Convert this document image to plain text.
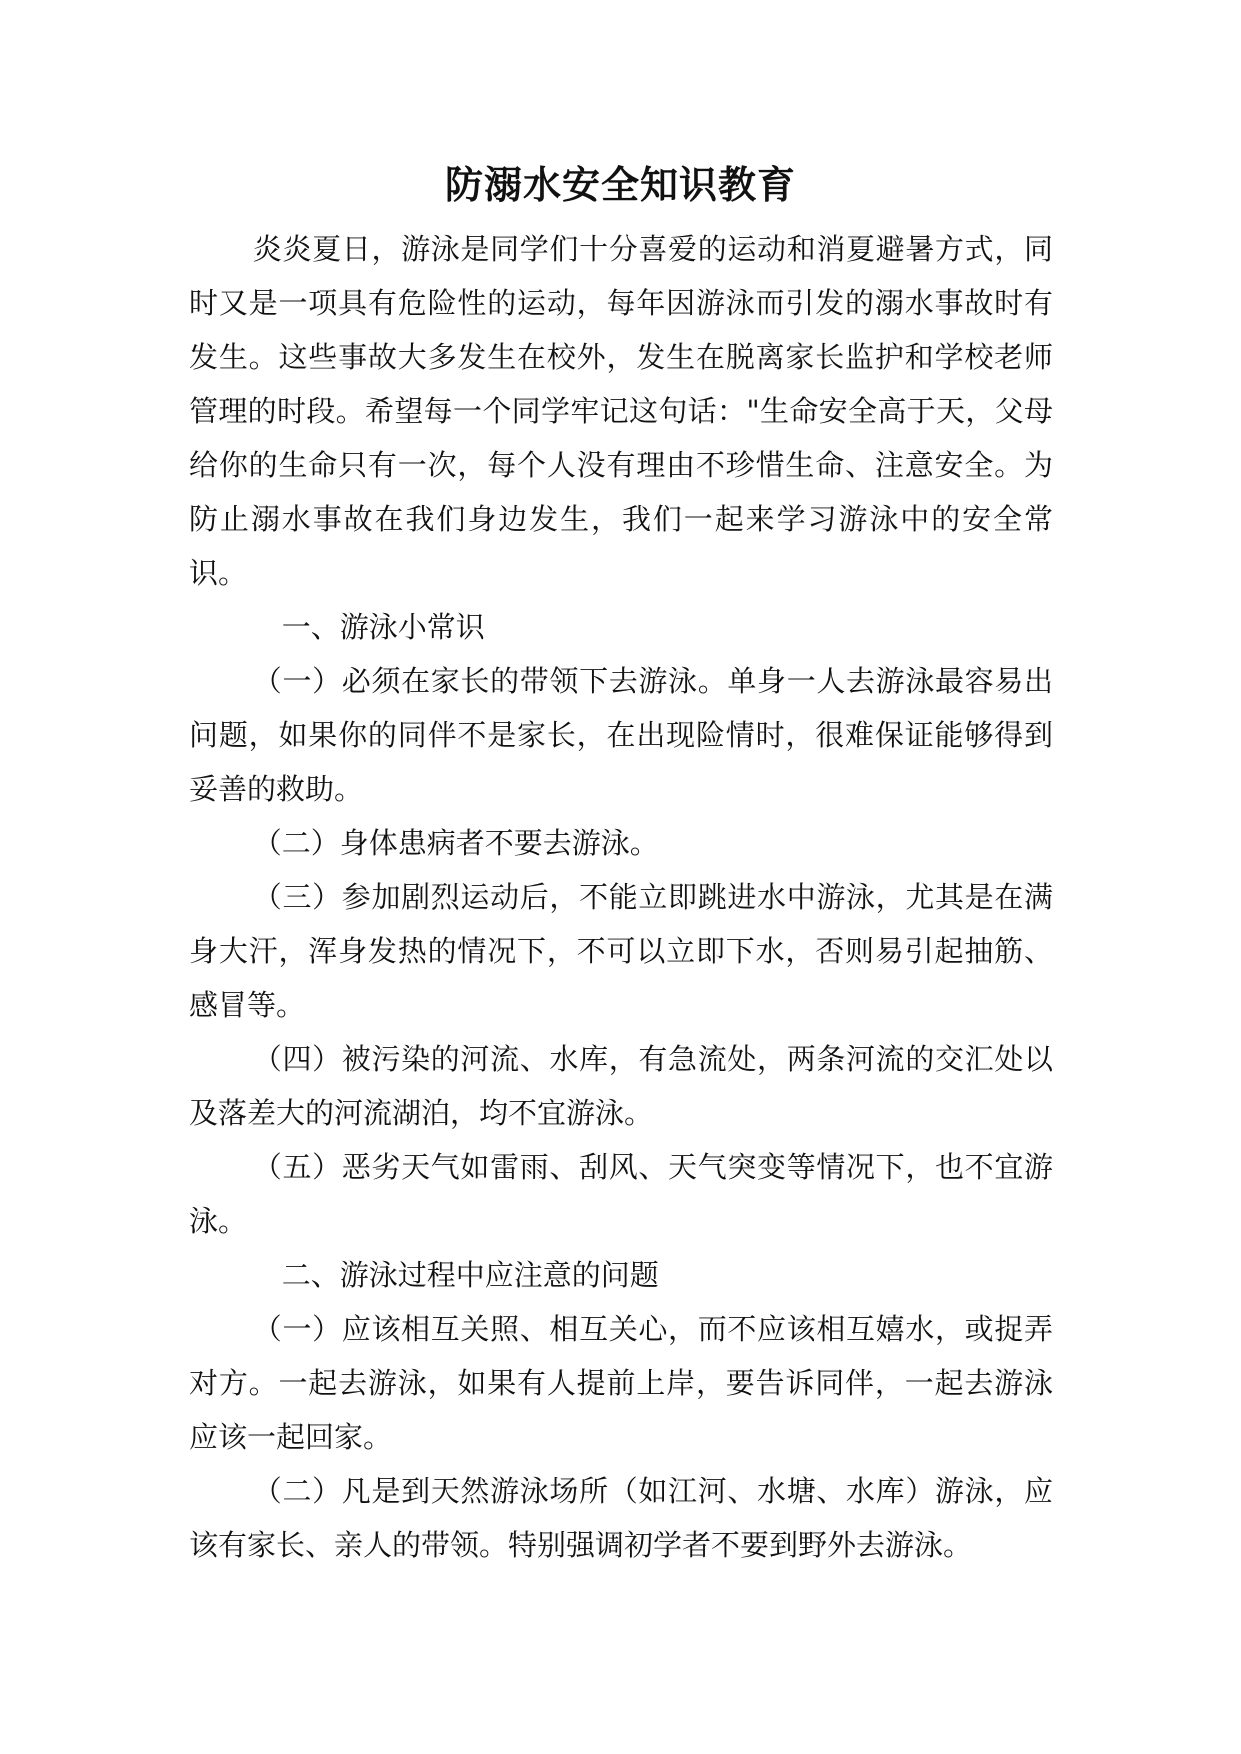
防溺水安全知识教育

炎炎夏日，游泳是同学们十分喜爱的运动和消夏避暑方式，同时又是一项具有危险性的运动，每年因游泳而引发的溺水事故时有发生。这些事故大多发生在校外，发生在脱离家长监护和学校老师管理的时段。希望每一个同学牢记这句话："生命安全高于天，父母给你的生命只有一次，每个人没有理由不珍惜生命、注意安全。为防止溺水事故在我们身边发生，我们一起来学习游泳中的安全常识。

一、游泳小常识

（一）必须在家长的带领下去游泳。单身一人去游泳最容易出问题，如果你的同伴不是家长，在出现险情时，很难保证能够得到妥善的救助。

（二）身体患病者不要去游泳。

（三）参加剧烈运动后，不能立即跳进水中游泳，尤其是在满身大汗，浑身发热的情况下，不可以立即下水，否则易引起抽筋、感冒等。

（四）被污染的河流、水库，有急流处，两条河流的交汇处以及落差大的河流湖泊，均不宜游泳。

（五）恶劣天气如雷雨、刮风、天气突变等情况下，也不宜游泳。

二、游泳过程中应注意的问题

（一）应该相互关照、相互关心，而不应该相互嬉水，或捉弄对方。一起去游泳，如果有人提前上岸，要告诉同伴，一起去游泳应该一起回家。

（二）凡是到天然游泳场所（如江河、水塘、水库）游泳，应该有家长、亲人的带领。特别强调初学者不要到野外去游泳。
